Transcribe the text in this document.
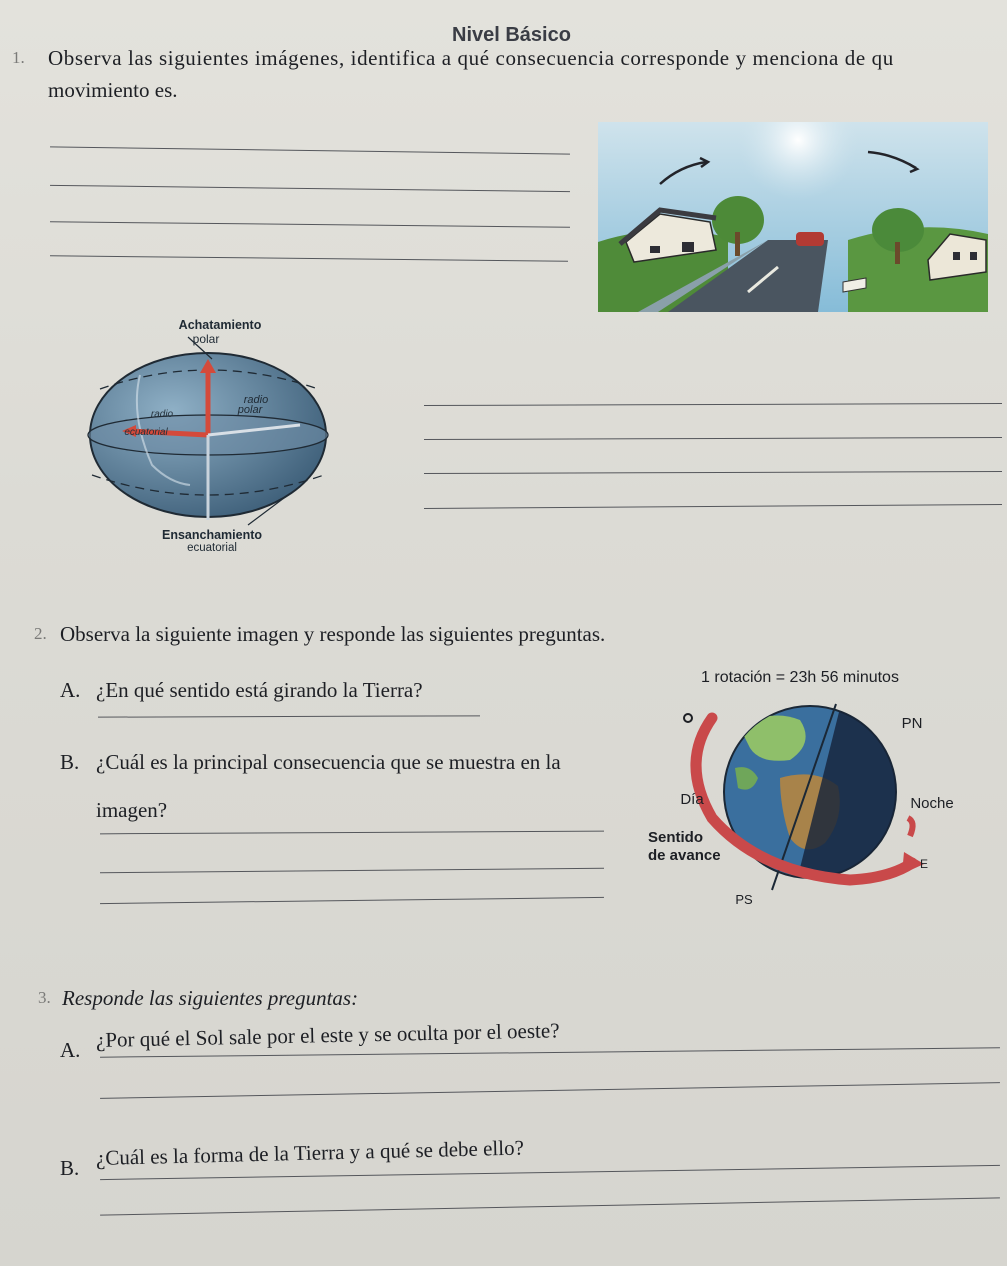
Nivel Básico
1. Observa las siguientes imágenes, identifica a qué consecuencia corresponde y menciona de qu
movimiento es.
Achatamiento
polar
radio
polar
radio
ecuatorial
Ensanchamiento
ecuatorial
2. Observa la siguiente imagen y responde las siguientes preguntas.
A. ¿En qué sentido está girando la Tierra?
B. ¿Cuál es la principal consecuencia que se muestra en la
imagen?
1 rotación = 23h 56 minutos
O	PN
Día	Noche
Sentido
de avance	E
PS
3. Responde las siguientes preguntas:
A. ¿Por qué el Sol sale por el este y se oculta por el oeste?
B. ¿Cuál es la forma de la Tierra y a qué se debe ello?
